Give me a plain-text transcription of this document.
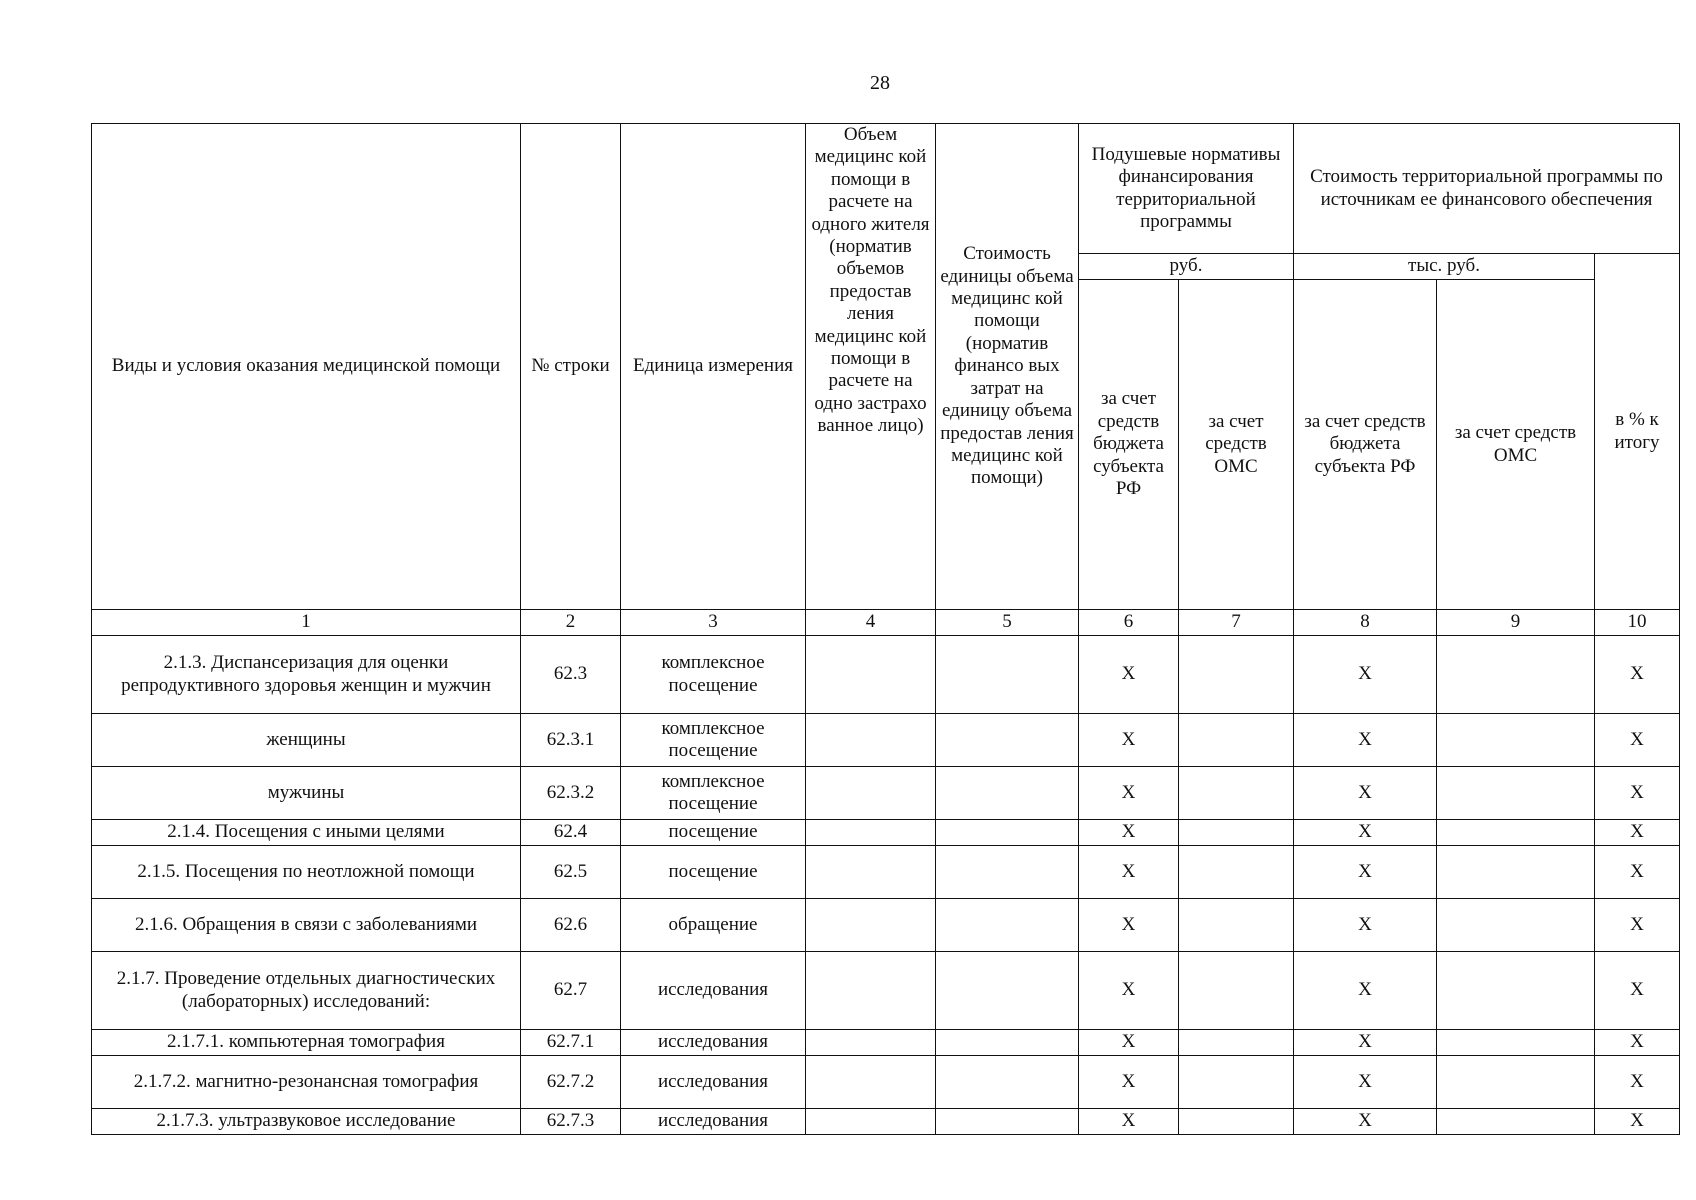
28
Виды и условия оказания медицинской помощи	№ строки	Единица измерения	Объем медицинс кой помощи в расчете на одного жителя (норматив объемов предостав ления медицинс кой помощи в расчете на одно застрахо ванное лицо)	Стоимость единицы объема медицинс кой помощи (норматив финансо вых затрат на единицу объема предостав ления медицинс кой помощи)	Подушевые нормативы финансирования территориальной программы		Стоимость территориальной программы по источникам ее финансового обеспечения		
					руб.		тыс. руб.		в % к итогу
					за счет средств бюджета субъекта РФ	за счет средств ОМС	за счет средств бюджета субъекта РФ	за счет средств ОМС	
1	2	3	4	5	6	7	8	9	10
2.1.3. Диспансеризация для оценки репродуктивного здоровья женщин и мужчин	62.3	комплексное посещение			X		X		X
женщины	62.3.1	комплексное посещение			X		X		X
мужчины	62.3.2	комплексное посещение			X		X		X
2.1.4. Посещения с иными целями	62.4	посещение			X		X		X
2.1.5. Посещения по неотложной помощи	62.5	посещение			X		X		X
2.1.6. Обращения в связи с заболеваниями	62.6	обращение			X		X		X
2.1.7. Проведение отдельных диагностических (лабораторных) исследований:	62.7	исследования			X		X		X
2.1.7.1. компьютерная томография	62.7.1	исследования			X		X		X
2.1.7.2. магнитно-резонансная томография	62.7.2	исследования			X		X		X
2.1.7.3. ультразвуковое исследование	62.7.3	исследования			X		X		X
